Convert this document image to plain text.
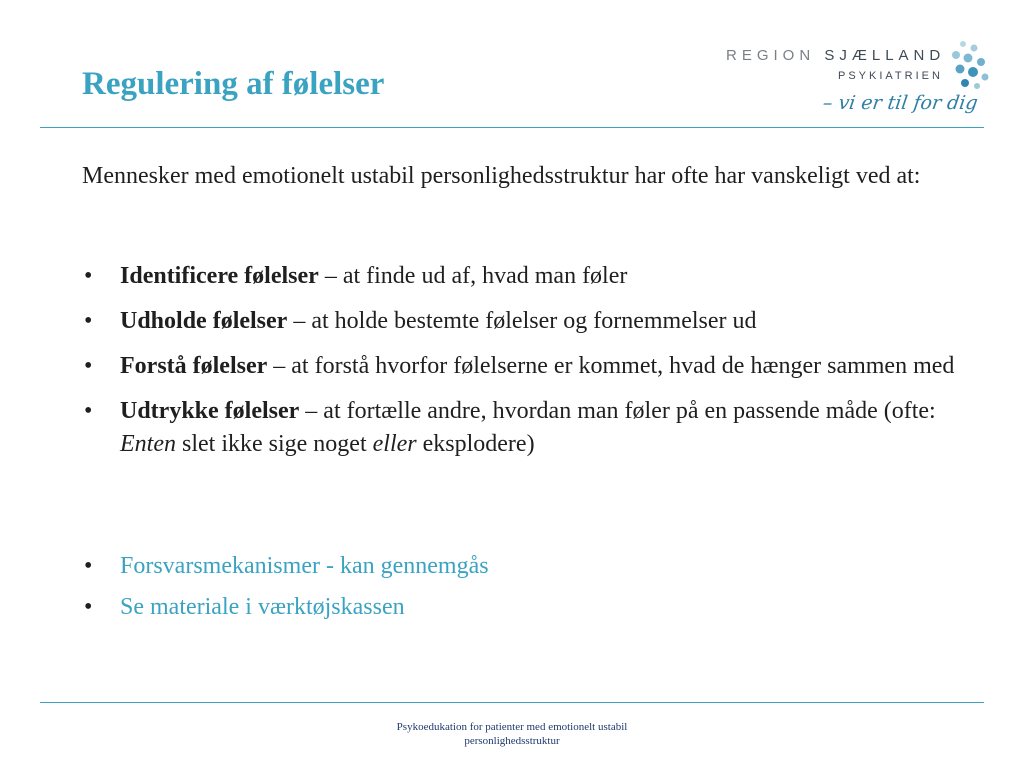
Regulering af følelser
REGION SJÆLLAND
PSYKIATRIEN
– vi er til for dig

Mennesker med emotionelt ustabil personlighedsstruktur har ofte har vanskeligt ved at:

• Identificere følelser – at finde ud af, hvad man føler
• Udholde følelser – at holde bestemte følelser og fornemmelser ud
• Forstå følelser – at forstå hvorfor følelserne er kommet, hvad de hænger sammen med
• Udtrykke følelser – at fortælle andre, hvordan man føler på en passende måde (ofte: Enten slet ikke sige noget eller eksplodere)
• Forsvarsmekanismer - kan gennemgås
• Se materiale i værktøjskassen
Psykoedukation for patienter med emotionelt ustabil personlighedsstruktur
